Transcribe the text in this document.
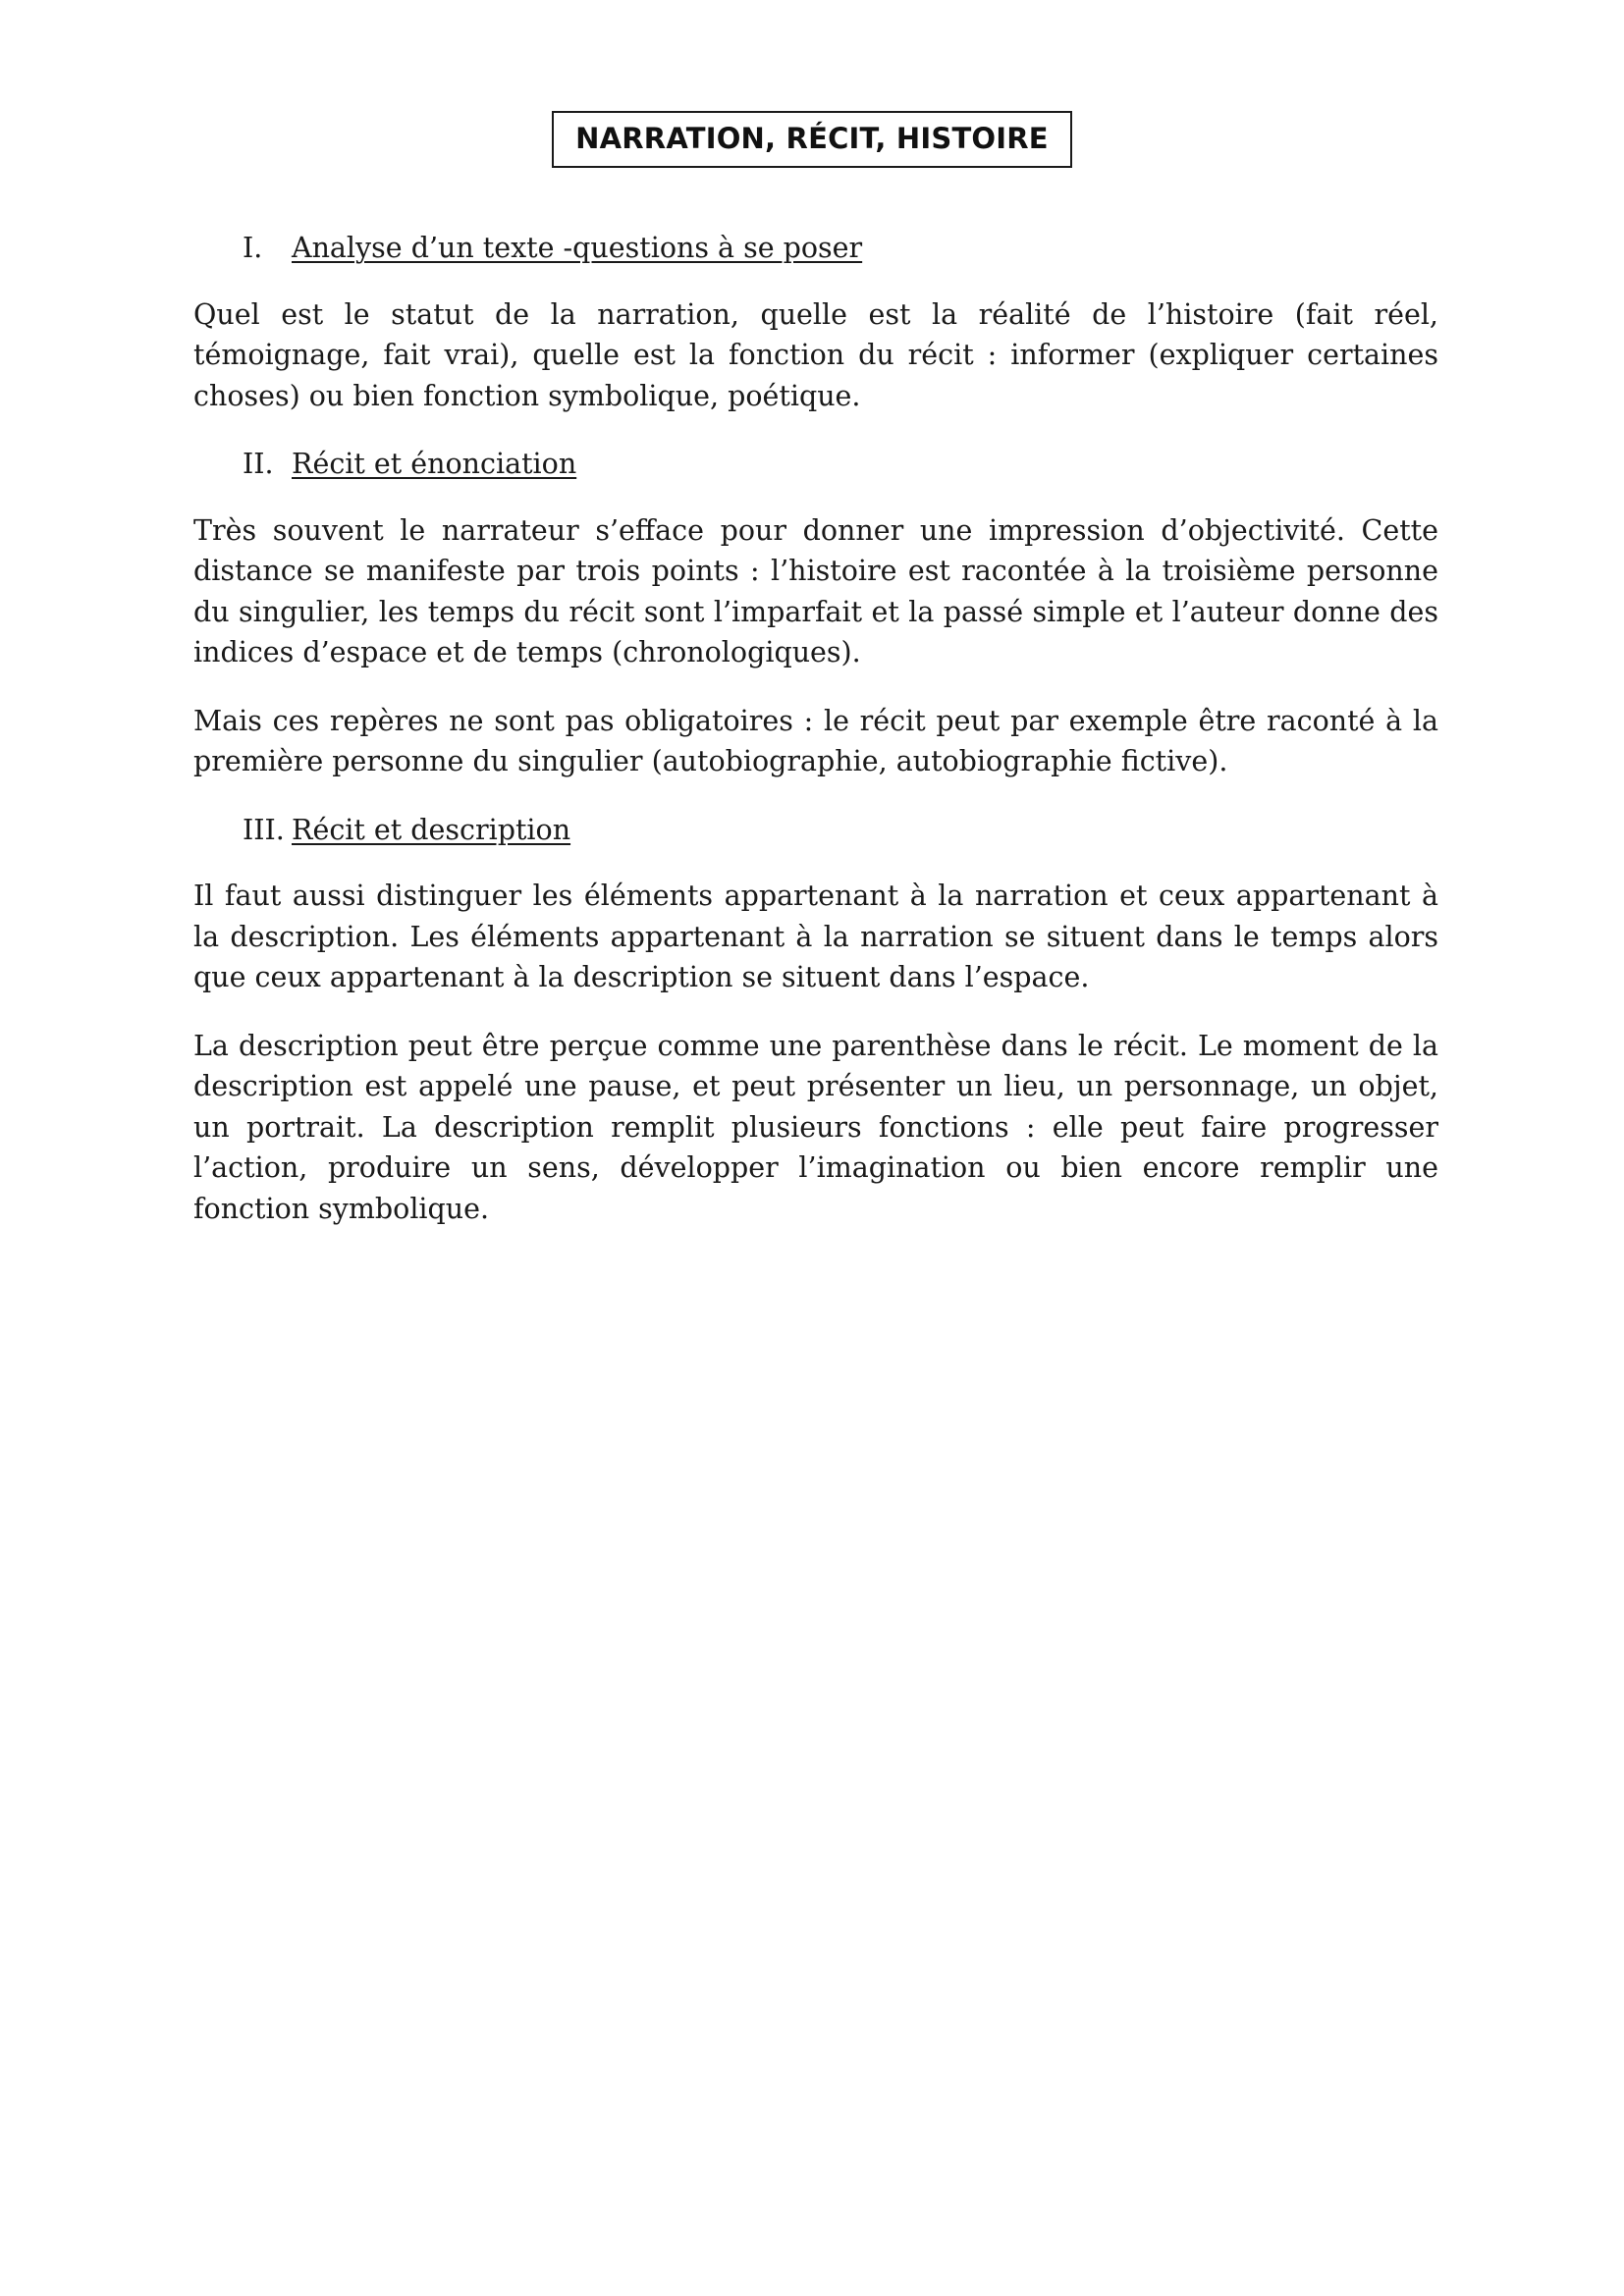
NARRATION, RÉCIT, HISTOIRE
I.	Analyse d’un texte -questions à se poser

Quel est le statut de la narration, quelle est la réalité de l’histoire (fait réel, témoignage, fait vrai), quelle est la fonction du récit : informer (expliquer certaines choses) ou bien fonction symbolique, poétique.

II. Récit et énonciation

Très souvent le narrateur s’efface pour donner une impression d’objectivité. Cette distance se manifeste par trois points : l’histoire est racontée à la troisième personne du singulier, les temps du récit sont l’imparfait et la passé simple et l’auteur donne des indices d’espace et de temps (chronologiques).

Mais ces repères ne sont pas obligatoires : le récit peut par exemple être raconté à la première personne du singulier (autobiographie, autobiographie fictive).

III. Récit et description

Il faut aussi distinguer les éléments appartenant à la narration et ceux appartenant à la description. Les éléments appartenant à la narration se situent dans le temps alors que ceux appartenant à la description se situent dans l’espace.

La description peut être perçue comme une parenthèse dans le récit. Le moment de la description est appelé une pause, et peut présenter un lieu, un personnage, un objet, un portrait. La description remplit plusieurs fonctions : elle peut faire progresser l’action, produire un sens, développer l’imagination ou bien encore remplir une fonction symbolique.
